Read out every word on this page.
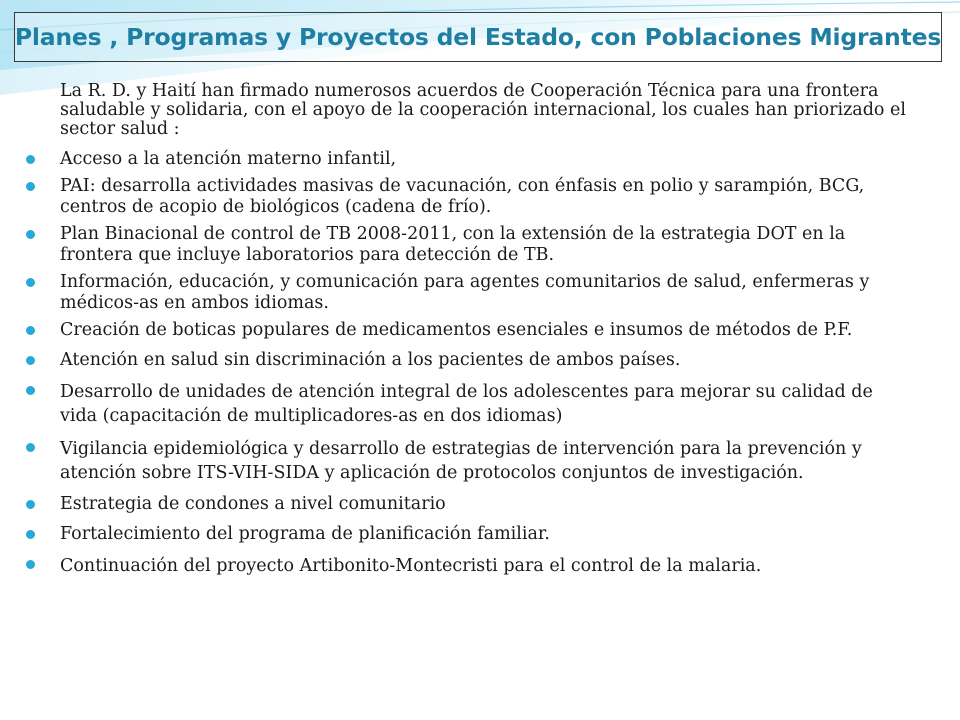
Planes , Programas y Proyectos del Estado, con Poblaciones Migrantes

La R. D. y Haití han firmado numerosos acuerdos de Cooperación Técnica para una frontera saludable y solidaria, con el apoyo de la cooperación internacional, los cuales han priorizado el sector salud :

Acceso a la atención materno infantil,
PAI: desarrolla actividades masivas de vacunación, con énfasis en polio y sarampión, BCG, centros de acopio de biológicos (cadena de frío).
Plan Binacional de control de TB 2008-2011, con la extensión de la estrategia DOT en la frontera que incluye laboratorios para detección de TB.
Información, educación, y comunicación para agentes comunitarios de salud, enfermeras y médicos-as en ambos idiomas.
Creación de boticas populares de medicamentos esenciales e insumos de métodos de P.F.
Atención en salud sin discriminación a los pacientes de ambos países.
Desarrollo de unidades de atención integral de los adolescentes para mejorar su calidad de vida (capacitación de multiplicadores-as en dos idiomas)
Vigilancia epidemiológica y desarrollo de estrategias de intervención para la prevención y atención sobre ITS-VIH-SIDA y aplicación de protocolos conjuntos de investigación.
Estrategia de condones a nivel comunitario
Fortalecimiento del programa de planificación familiar.
Continuación del proyecto Artibonito-Montecristi para el control de la malaria.
